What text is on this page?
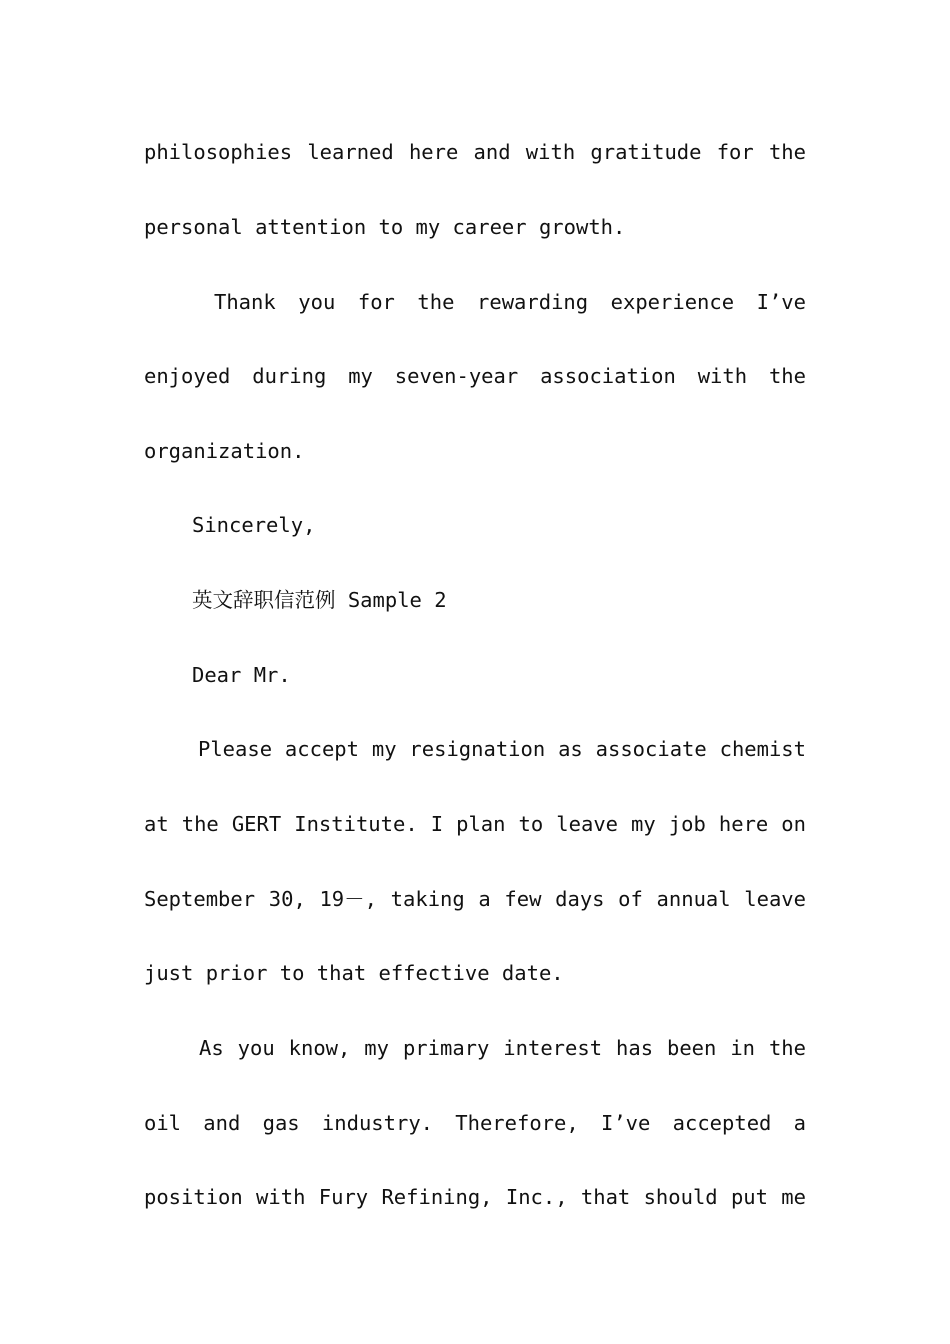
philosophies learned here and with gratitude for the
personal attention to my career growth.
Thank you for the rewarding experience I’ve
enjoyed during my seven-year association with the
organization.
Sincerely,
英文辞职信范例 Sample 2
Dear Mr.
Please accept my resignation as associate chemist
at the GERT Institute. I plan to leave my job here on
September 30, 19－, taking a few days of annual leave
just prior to that effective date.
As you know, my primary interest has been in the
oil and gas industry. Therefore, I’ve accepted a
position with Fury Refining, Inc., that should put me
